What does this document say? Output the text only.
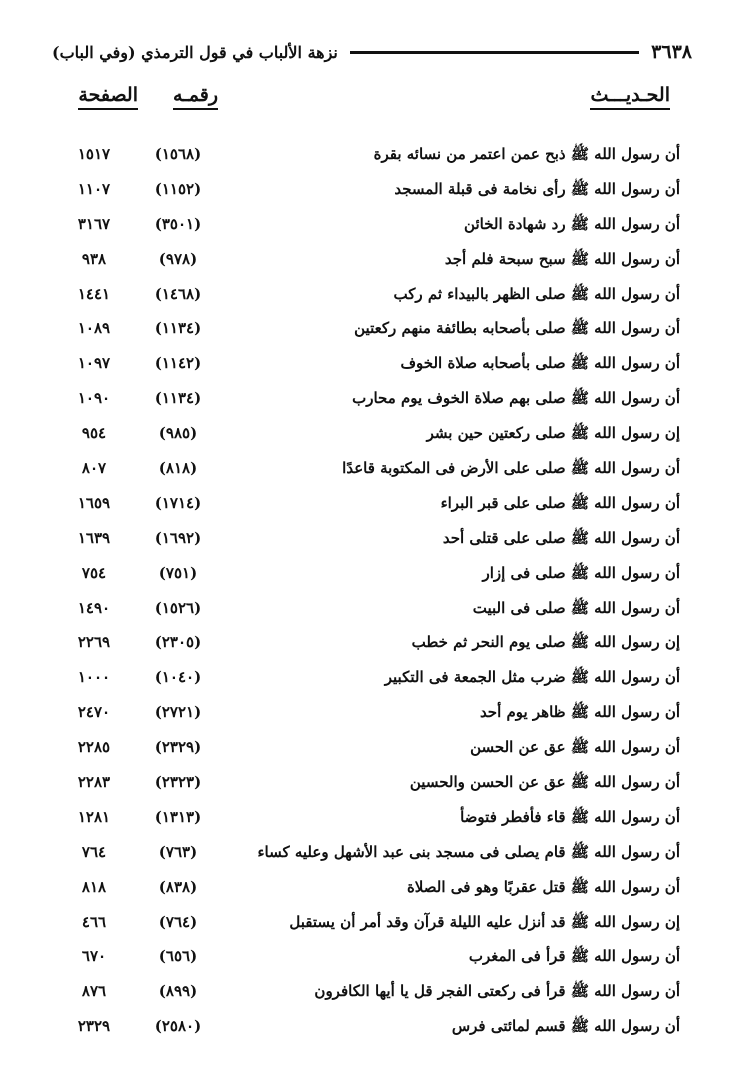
٣٦٣٨
نزهة الألباب في قول الترمذي (وفي الباب)
الحـديـــث
رقمـه
الصفحة
أن رسول الله ﷺ ذبح عمن اعتمر من نسائه بقرة
(١٥٦٨)
١٥١٧
أن رسول الله ﷺ رأى نخامة فى قبلة المسجد
(١١٥٢)
١١٠٧
أن رسول الله ﷺ رد شهادة الخائن
(٣٥٠١)
٣١٦٧
أن رسول الله ﷺ سبح سبحة فلم أجد
(٩٧٨)
٩٣٨
أن رسول الله ﷺ صلى الظهر بالبيداء ثم ركب
(١٤٦٨)
١٤٤١
أن رسول الله ﷺ صلى بأصحابه بطائفة منهم ركعتين
(١١٣٤)
١٠٨٩
أن رسول الله ﷺ صلى بأصحابه صلاة الخوف
(١١٤٢)
١٠٩٧
أن رسول الله ﷺ صلى بهم صلاة الخوف يوم محارب
(١١٣٤)
١٠٩٠
إن رسول الله ﷺ صلى ركعتين حين بشر
(٩٨٥)
٩٥٤
أن رسول الله ﷺ صلى على الأرض فى المكتوبة قاعدًا
(٨١٨)
٨٠٧
أن رسول الله ﷺ صلى على قبر البراء
(١٧١٤)
١٦٥٩
أن رسول الله ﷺ صلى على قتلى أحد
(١٦٩٢)
١٦٣٩
أن رسول الله ﷺ صلى فى إزار
(٧٥١)
٧٥٤
أن رسول الله ﷺ صلى فى البيت
(١٥٢٦)
١٤٩٠
إن رسول الله ﷺ صلى يوم النحر ثم خطب
(٢٣٠٥)
٢٢٦٩
أن رسول الله ﷺ ضرب مثل الجمعة فى التكبير
(١٠٤٠)
١٠٠٠
أن رسول الله ﷺ ظاهر يوم أحد
(٢٧٢١)
٢٤٧٠
أن رسول الله ﷺ عق عن الحسن
(٢٣٢٩)
٢٢٨٥
أن رسول الله ﷺ عق عن الحسن والحسين
(٢٣٢٣)
٢٢٨٣
أن رسول الله ﷺ قاء فأفطر فتوضأ
(١٣١٣)
١٢٨١
أن رسول الله ﷺ قام يصلى فى مسجد بنى عبد الأشهل وعليه كساء
(٧٦٣)
٧٦٤
أن رسول الله ﷺ قتل عقربًا وهو فى الصلاة
(٨٣٨)
٨١٨
إن رسول الله ﷺ قد أنزل عليه الليلة قرآن وقد أمر أن يستقبل
(٧٦٤)
٤٦٦
أن رسول الله ﷺ قرأ فى المغرب
(٦٥٦)
٦٧٠
أن رسول الله ﷺ قرأ فى ركعتى الفجر قل يا أيها الكافرون
(٨٩٩)
٨٧٦
أن رسول الله ﷺ قسم لمائتى فرس
(٢٥٨٠)
٢٣٢٩
